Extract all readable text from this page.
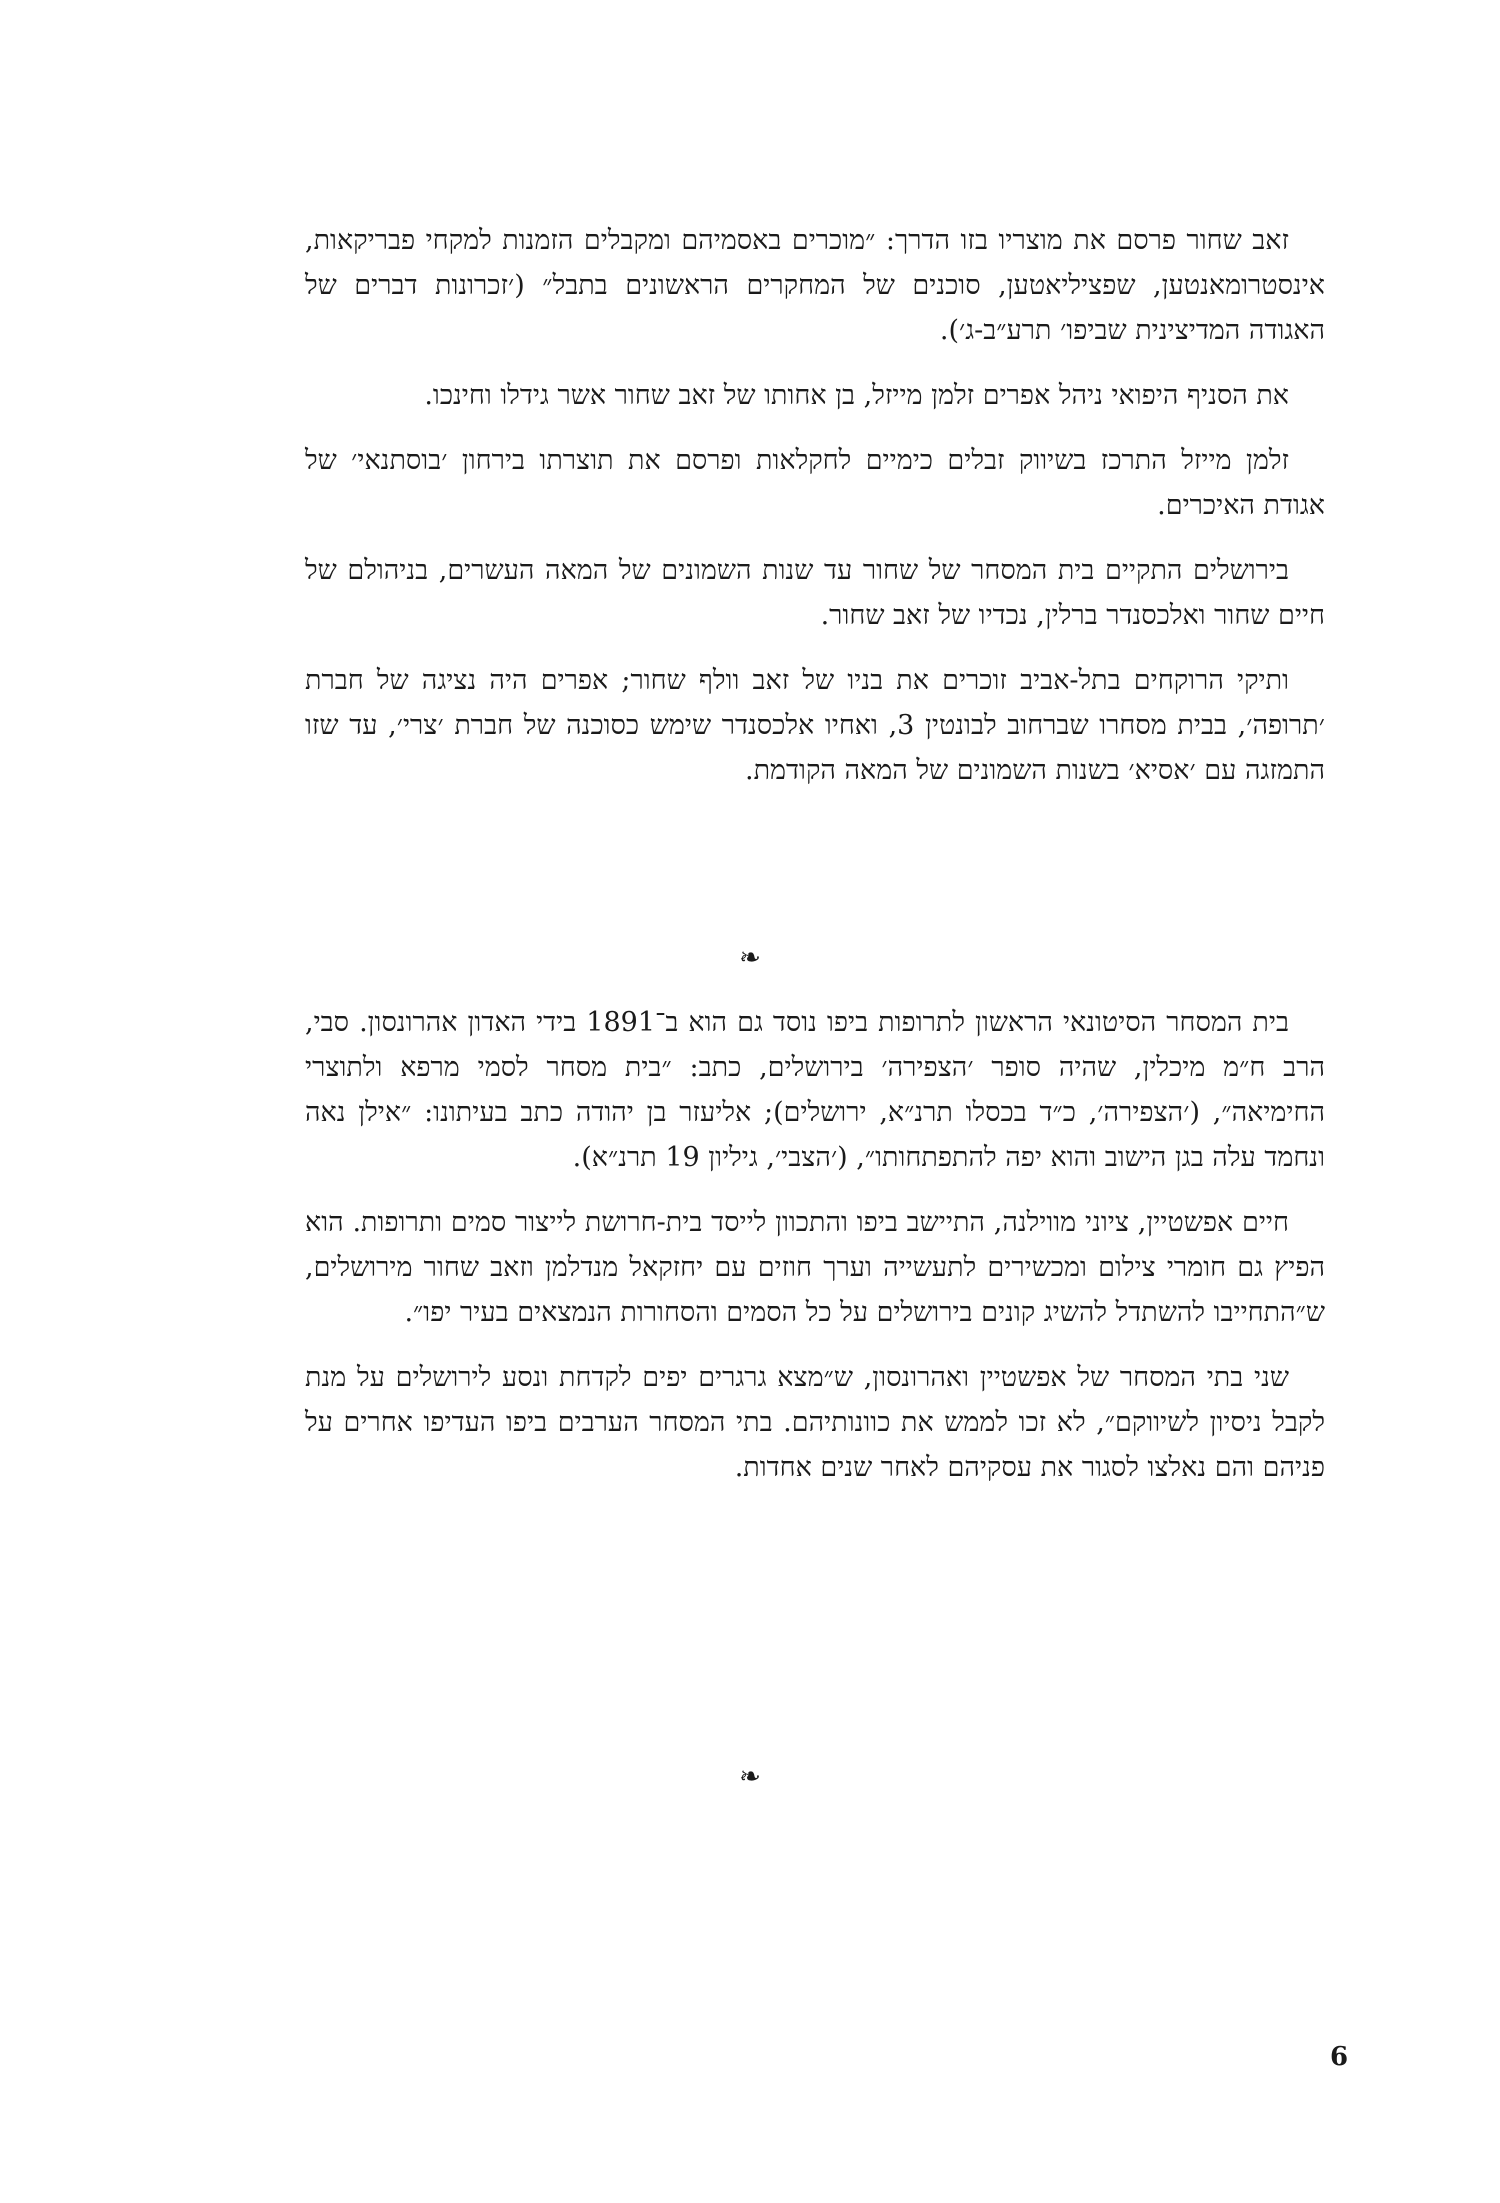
זאב שחור פרסם את מוצריו בזו הדרך: ״מוכרים באסמיהם ומקבלים הזמנות למקחי פבריקאות, אינסטרומאנטען, שפציליאטען, סוכנים של המחקרים הראשונים בתבל״ (׳זכרונות דברים של האגודה המדיצינית שביפו׳ תרע״ב-ג׳).

את הסניף היפואי ניהל אפרים זלמן מייזל, בן אחותו של זאב שחור אשר גידלו וחינכו.

זלמן מייזל התרכז בשיווק זבלים כימיים לחקלאות ופרסם את תוצרתו בירחון ׳בוסתנאי׳ של אגודת האיכרים.

בירושלים התקיים בית המסחר של שחור עד שנות השמונים של המאה העשרים, בניהולם של חיים שחור ואלכסנדר ברלין, נכדיו של זאב שחור.

ותיקי הרוקחים בתל-אביב זוכרים את בניו של זאב וולף שחור; אפרים היה נציגה של חברת ׳תרופה׳, בבית מסחרו שברחוב לבונטין 3, ואחיו אלכסנדר שימש כסוכנה של חברת ׳צרי׳, עד שזו התמזגה עם ׳אסיא׳ בשנות השמונים של המאה הקודמת.

❧

בית המסחר הסיטונאי הראשון לתרופות ביפו נוסד גם הוא ב־1891 בידי האדון אהרונסון. סבי, הרב ח״מ מיכלין, שהיה סופר ׳הצפירה׳ בירושלים, כתב: ״בית מסחר לסמי מרפא ולתוצרי החימיאה״, (׳הצפירה׳, כ״ד בכסלו תרנ״א, ירושלים); אליעזר בן יהודה כתב בעיתונו: ״אילן נאה ונחמד עלה בגן הישוב והוא יפה להתפתחותו״, (׳הצבי׳, גיליון 19 תרנ״א).

חיים אפשטיין, ציוני מווילנה, התיישב ביפו והתכוון לייסד בית-חרושת לייצור סמים ותרופות. הוא הפיץ גם חומרי צילום ומכשירים לתעשייה וערך חוזים עם יחזקאל מנדלמן וזאב שחור מירושלים, ש״התחייבו להשתדל להשיג קונים בירושלים על כל הסמים והסחורות הנמצאים בעיר יפו״.

שני בתי המסחר של אפשטיין ואהרונסון, ש״מצא גרגרים יפים לקדחת ונסע לירושלים על מנת לקבל ניסיון לשיווקם״, לא זכו לממש את כוונותיהם. בתי המסחר הערבים ביפו העדיפו אחרים על פניהם והם נאלצו לסגור את עסקיהם לאחר שנים אחדות.

❧
6
